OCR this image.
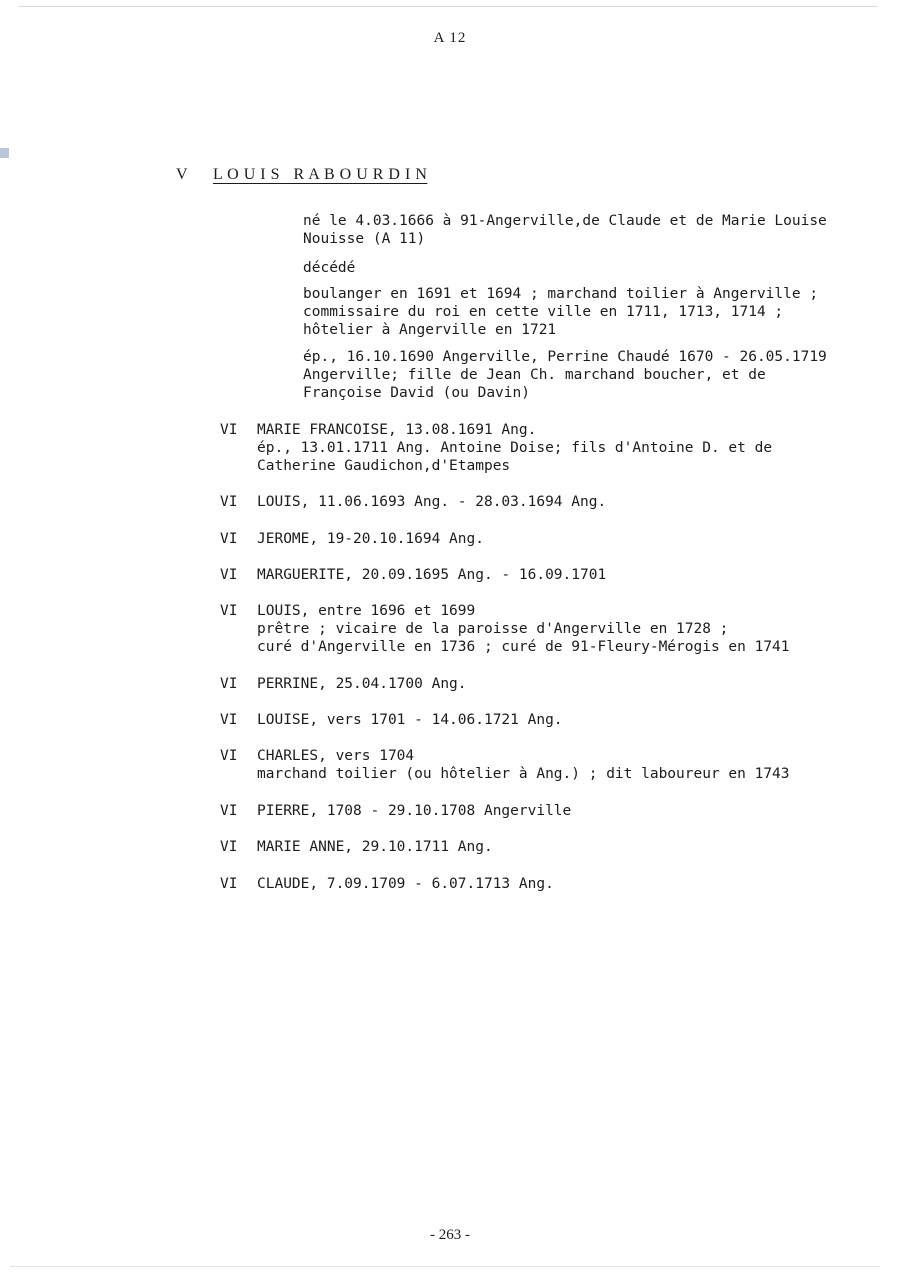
A 12
V L O U I S   R A B O U R D I N
né le 4.03.1666 à 91-Angerville,de Claude et de Marie Louise
Nouisse (A 11)
décédé
boulanger en 1691 et 1694 ; marchand toilier à Angerville ;
commissaire du roi en cette ville en 1711, 1713, 1714 ;
hôtelier à Angerville en 1721
ép., 16.10.1690 Angerville, Perrine Chaudé 1670 - 26.05.1719
Angerville; fille de Jean Ch. marchand boucher, et de
Françoise David (ou Davin)
VI MARIE FRANCOISE, 13.08.1691 Ang.
ép., 13.01.1711 Ang. Antoine Doise; fils d'Antoine D. et de
Catherine Gaudichon,d'Etampes
VI LOUIS, 11.06.1693 Ang. - 28.03.1694 Ang.
VI JEROME, 19-20.10.1694 Ang.
VI MARGUERITE, 20.09.1695 Ang. - 16.09.1701
VI LOUIS, entre 1696 et 1699
prêtre ; vicaire de la paroisse d'Angerville en 1728 ;
curé d'Angerville en 1736 ; curé de 91-Fleury-Mérogis en 1741
VI PERRINE, 25.04.1700 Ang.
VI LOUISE, vers 1701 - 14.06.1721 Ang.
VI CHARLES, vers 1704
marchand toilier (ou hôtelier à Ang.) ; dit laboureur en 1743
VI PIERRE, 1708 - 29.10.1708 Angerville
VI MARIE ANNE, 29.10.1711 Ang.
VI CLAUDE, 7.09.1709 - 6.07.1713 Ang.
- 263 -
